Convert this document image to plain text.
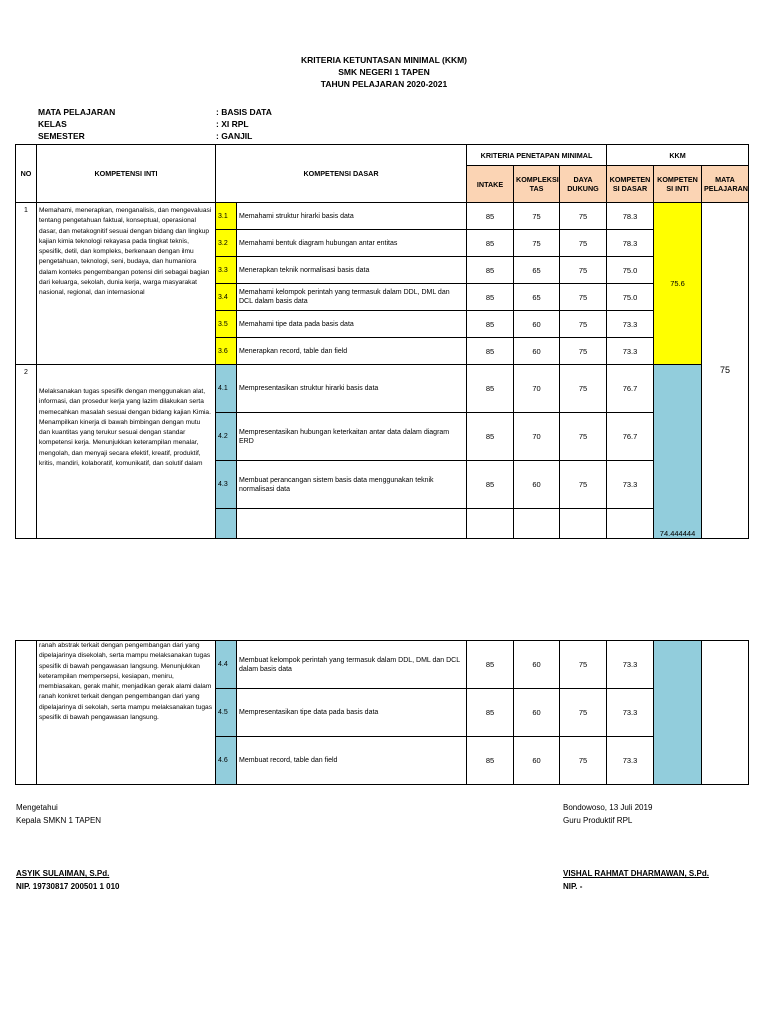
KRITERIA KETUNTASAN MINIMAL (KKM)
SMK NEGERI 1 TAPEN
TAHUN PELAJARAN 2020-2021
MATA PELAJARAN	: BASIS DATA
KELAS	: XI RPL
SEMESTER	: GANJIL
NO	KOMPETENSI INTI	KOMPETENSI DASAR		KRITERIA PENETAPAN MINIMAL			KKM		
				INTAKE	KOMPLEKSI TAS	DAYA DUKUNG	KOMPETEN SI DASAR	KOMPETEN SI INTI	MATA PELAJARAN
1	Memahami, menerapkan, menganalisis, dan mengevaluasi tentang pengetahuan faktual, konseptual, operasional dasar, dan metakognitif sesuai dengan bidang dan lingkup kajian kimia teknologi rekayasa pada tingkat teknis, spesifik, detil, dan kompleks, berkenaan dengan ilmu pengetahuan, teknologi, seni, budaya, dan humaniora dalam konteks pengembangan potensi diri sebagai bagian dari keluarga, sekolah, dunia kerja, warga masyarakat nasional, regional, dan internasional	3.1	Memahami struktur hirarki basis data	85	75	75	78.3	75.6	75
		3.2	Memahami bentuk diagram hubungan antar entitas	85	75	75	78.3		
		3.3	Menerapkan teknik normalisasi basis data	85	65	75	75.0		
		3.4	Memahami kelompok perintah yang termasuk dalam DDL, DML dan DCL dalam basis data	85	65	75	75.0		
		3.5	Memahami tipe data pada basis data	85	60	75	73.3		
		3.6	Menerapkan record, table dan field	85	60	75	73.3		
2	Melaksanakan tugas spesifik dengan menggunakan alat, informasi, dan prosedur kerja yang lazim dilakukan serta memecahkan masalah sesuai dengan bidang kajian Kimia. Menampilkan kinerja di bawah bimbingan dengan mutu dan kuantitas yang terukur sesuai dengan standar kompetensi kerja. Menunjukkan keterampilan menalar, mengolah, dan menyaji secara efektif, kreatif, produktif, kritis, mandiri, kolaboratif, komunikatif, dan solutif dalam	4.1	Mempresentasikan struktur hirarki basis data	85	70	75	76.7	74.444444	
		4.2	Mempresentasikan hubungan keterkaitan antar data dalam diagram ERD	85	70	75	76.7		
		4.3	Membuat perancangan sistem basis data menggunakan teknik normalisasi data	85	60	75	73.3		

	ranah abstrak terkait dengan pengembangan dari yang dipelajarinya disekolah, serta mampu melaksanakan tugas spesifik di bawah pengawasan langsung. Menunjukkan keterampilan mempersepsi, kesiapan, meniru, membiasakan, gerak mahir, menjadikan gerak alami dalam ranah konkret terkait dengan pengembangan dari yang dipelajarinya di sekolah, serta mampu melaksanakan tugas spesifik di bawah pengawasan langsung.	4.4	Membuat kelompok perintah yang termasuk dalam DDL, DML dan DCL dalam basis data	85	60	75	73.3		
		4.5	Mempresentasikan tipe data pada basis data	85	60	75	73.3		
		4.6	Membuat record, table dan field	85	60	75	73.3		
Mengetahui
Kepala SMKN 1 TAPEN
ASYIK SULAIMAN, S.Pd.
NIP. 19730817 200501 1 010
Bondowoso, 13 Juli 2019
Guru Produktif RPL
VISHAL RAHMAT DHARMAWAN, S.Pd.
NIP. -
